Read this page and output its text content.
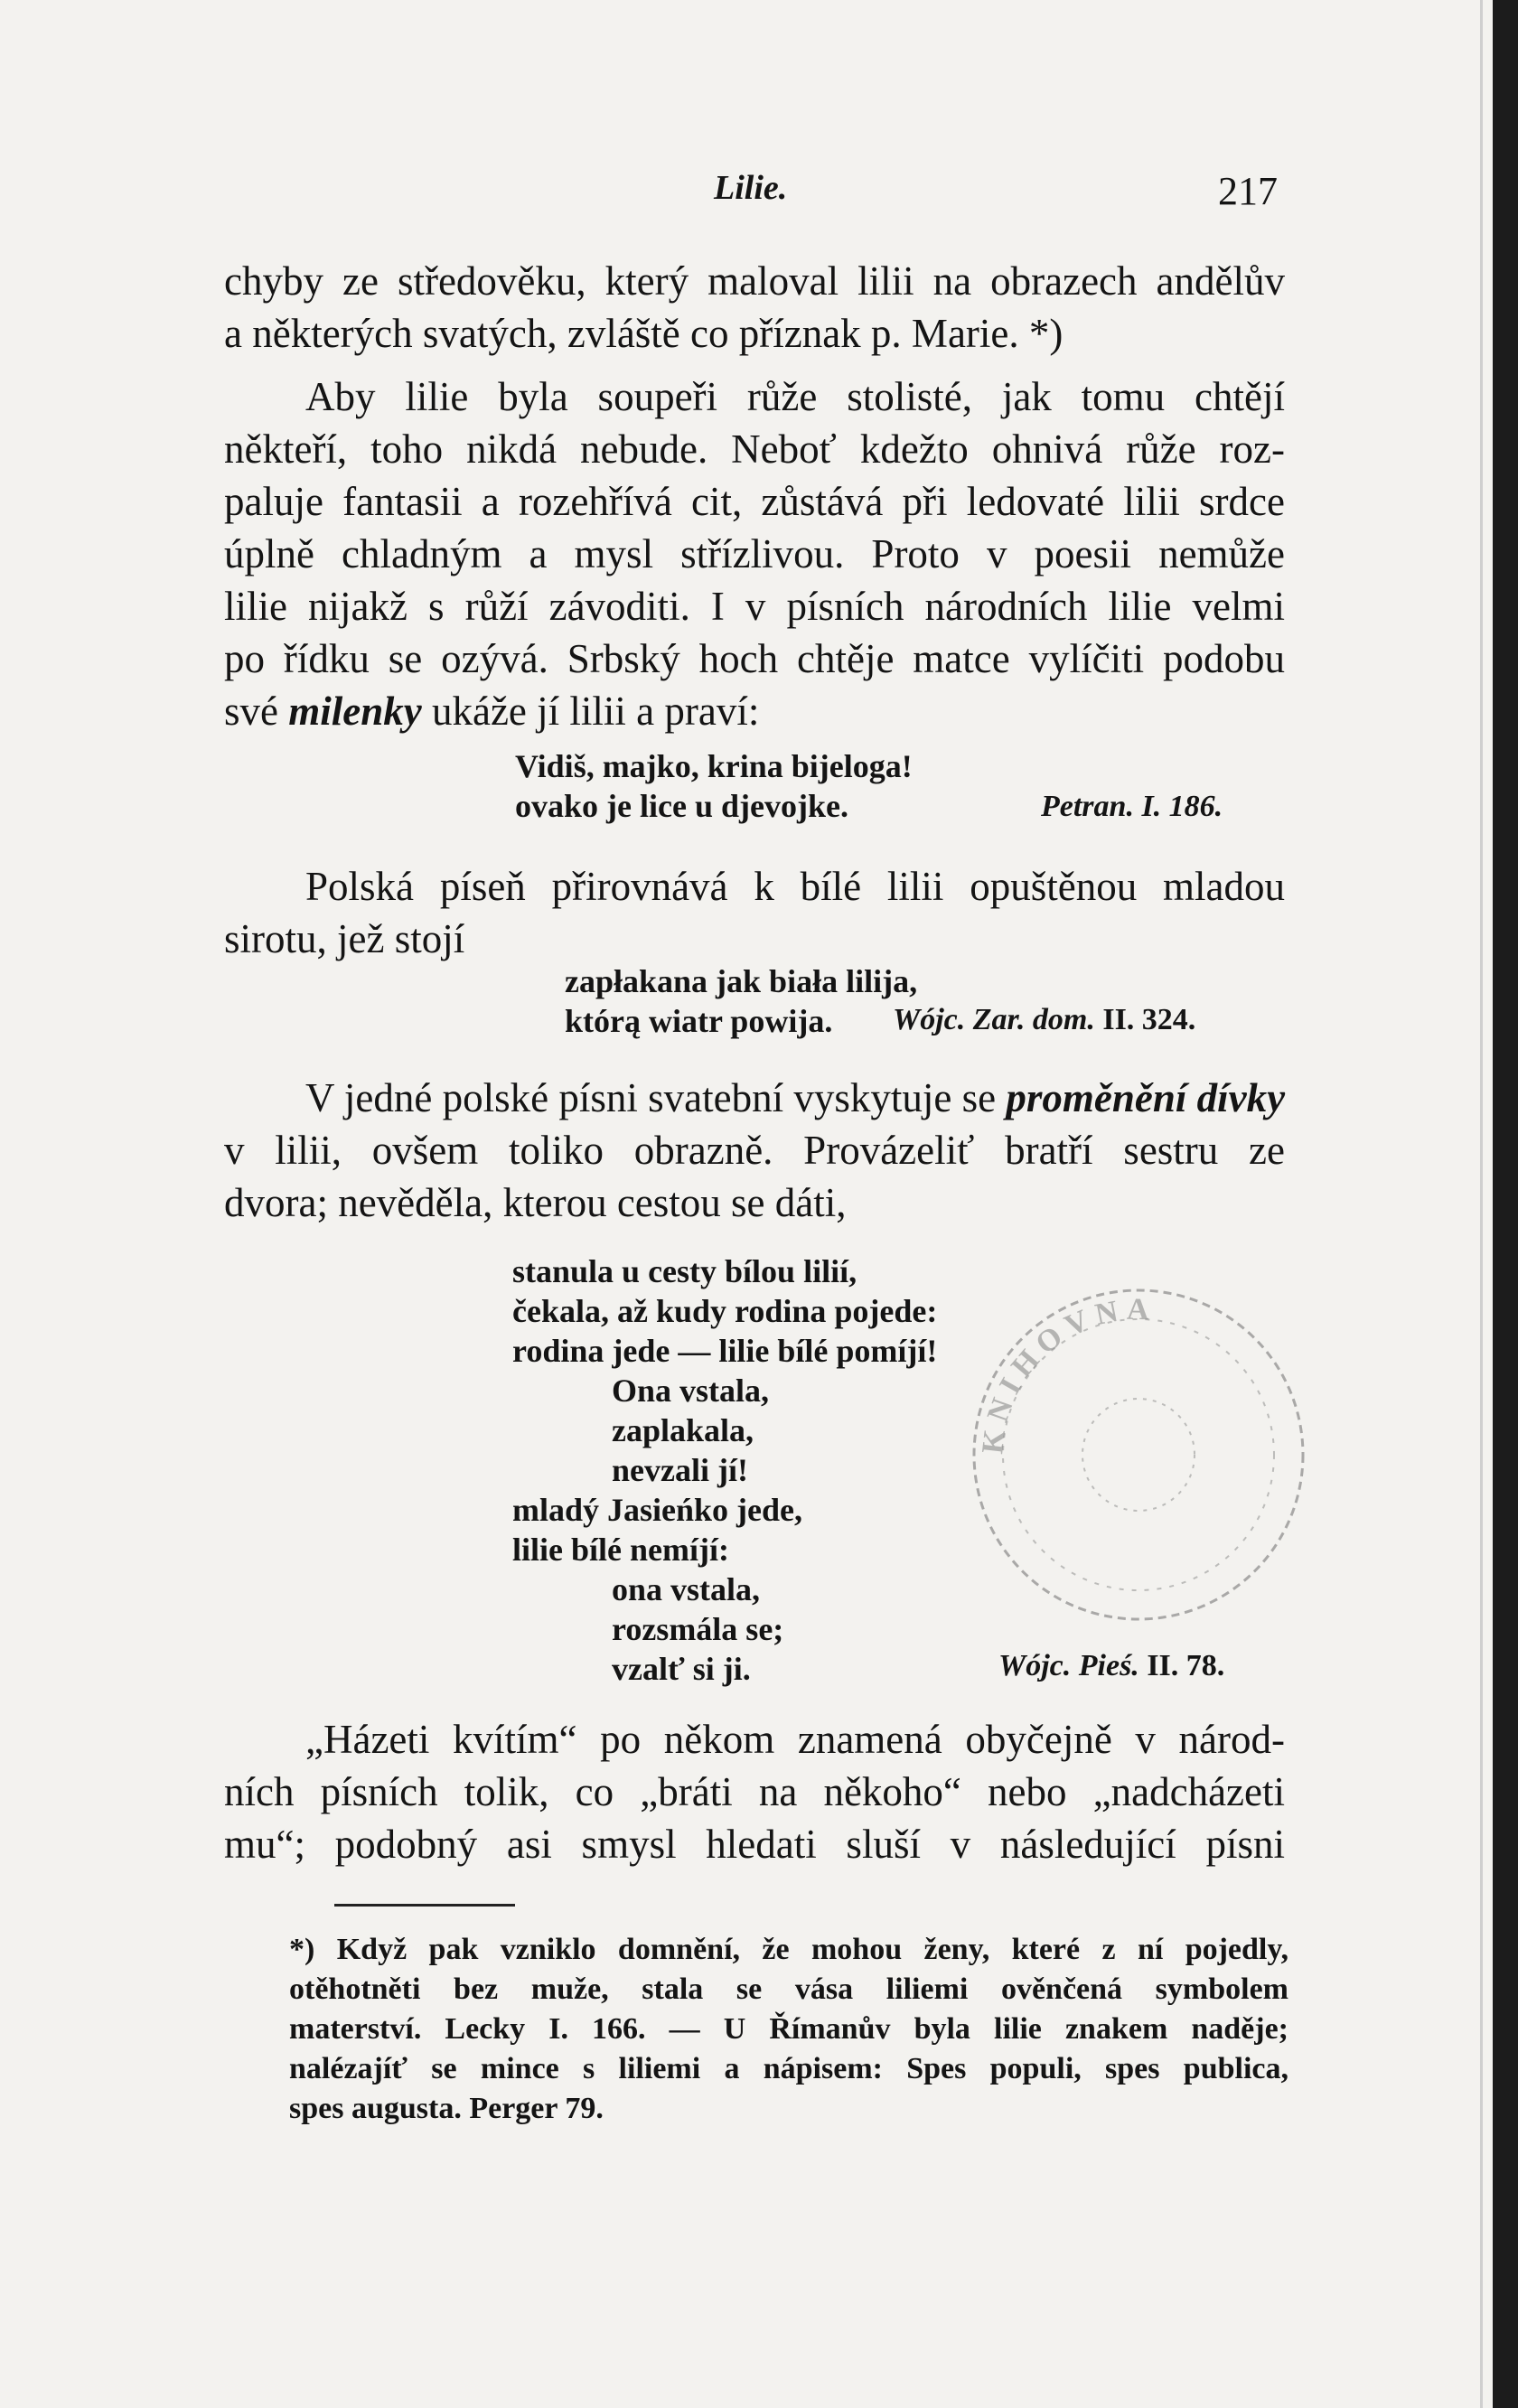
Lilie.	217
chyby ze středověku, který maloval lilii na obrazech andělův
a některých svatých, zvláště co příznak p. Marie. *)
Aby lilie byla soupeři růže stolisté, jak tomu chtějí
někteří, toho nikdá nebude. Neboť kdežto ohnivá růže roz-
paluje fantasii a rozehřívá cit, zůstává při ledovaté lilii srdce
úplně chladným a mysl střízlivou. Proto v poesii nemůže
lilie nijakž s růží závoditi. I v písních národních lilie velmi
po řídku se ozývá. Srbský hoch chtěje matce vylíčiti podobu
své milenky ukáže jí lilii a praví:
Vidiš, majko, krina bijeloga!
ovako je lice u djevojke.	Petran. I. 186.
Polská píseň přirovnává k bílé lilii opuštěnou mladou
sirotu, jež stojí
zapłakana jak biała lilija,
którą wiatr powija.	Wójc. Zar. dom. II. 324.
V jedné polské písni svatební vyskytuje se proměnění dívky
v lilii, ovšem toliko obrazně. Provázeliť bratří sestru ze
dvora; nevěděla, kterou cestou se dáti,
KNIHOVNA
stanula u cesty bílou lilií,
čekala, až kudy rodina pojede:
rodina jede — lilie bílé pomíjí!
Ona vstala,
zaplakala,
nevzali jí!
mladý Jasieńko jede,
lilie bílé nemíjí:
ona vstala,
rozsmála se;
vzalť si ji.	Wójc. Pieś. II. 78.
„Házeti kvítím“ po někom znamená obyčejně v národ-
ních písních tolik, co „bráti na někoho“ nebo „nadcházeti
mu“; podobný asi smysl hledati sluší v následující písni
*) Když pak vzniklo domnění, že mohou ženy, které z ní pojedly,
otěhotněti bez muže, stala se vása liliemi ověnčená symbolem
materství. Lecky I. 166. — U Římanův byla lilie znakem naděje;
nalézajíť se mince s liliemi a nápisem: Spes populi, spes publica,
spes augusta. Perger 79.
